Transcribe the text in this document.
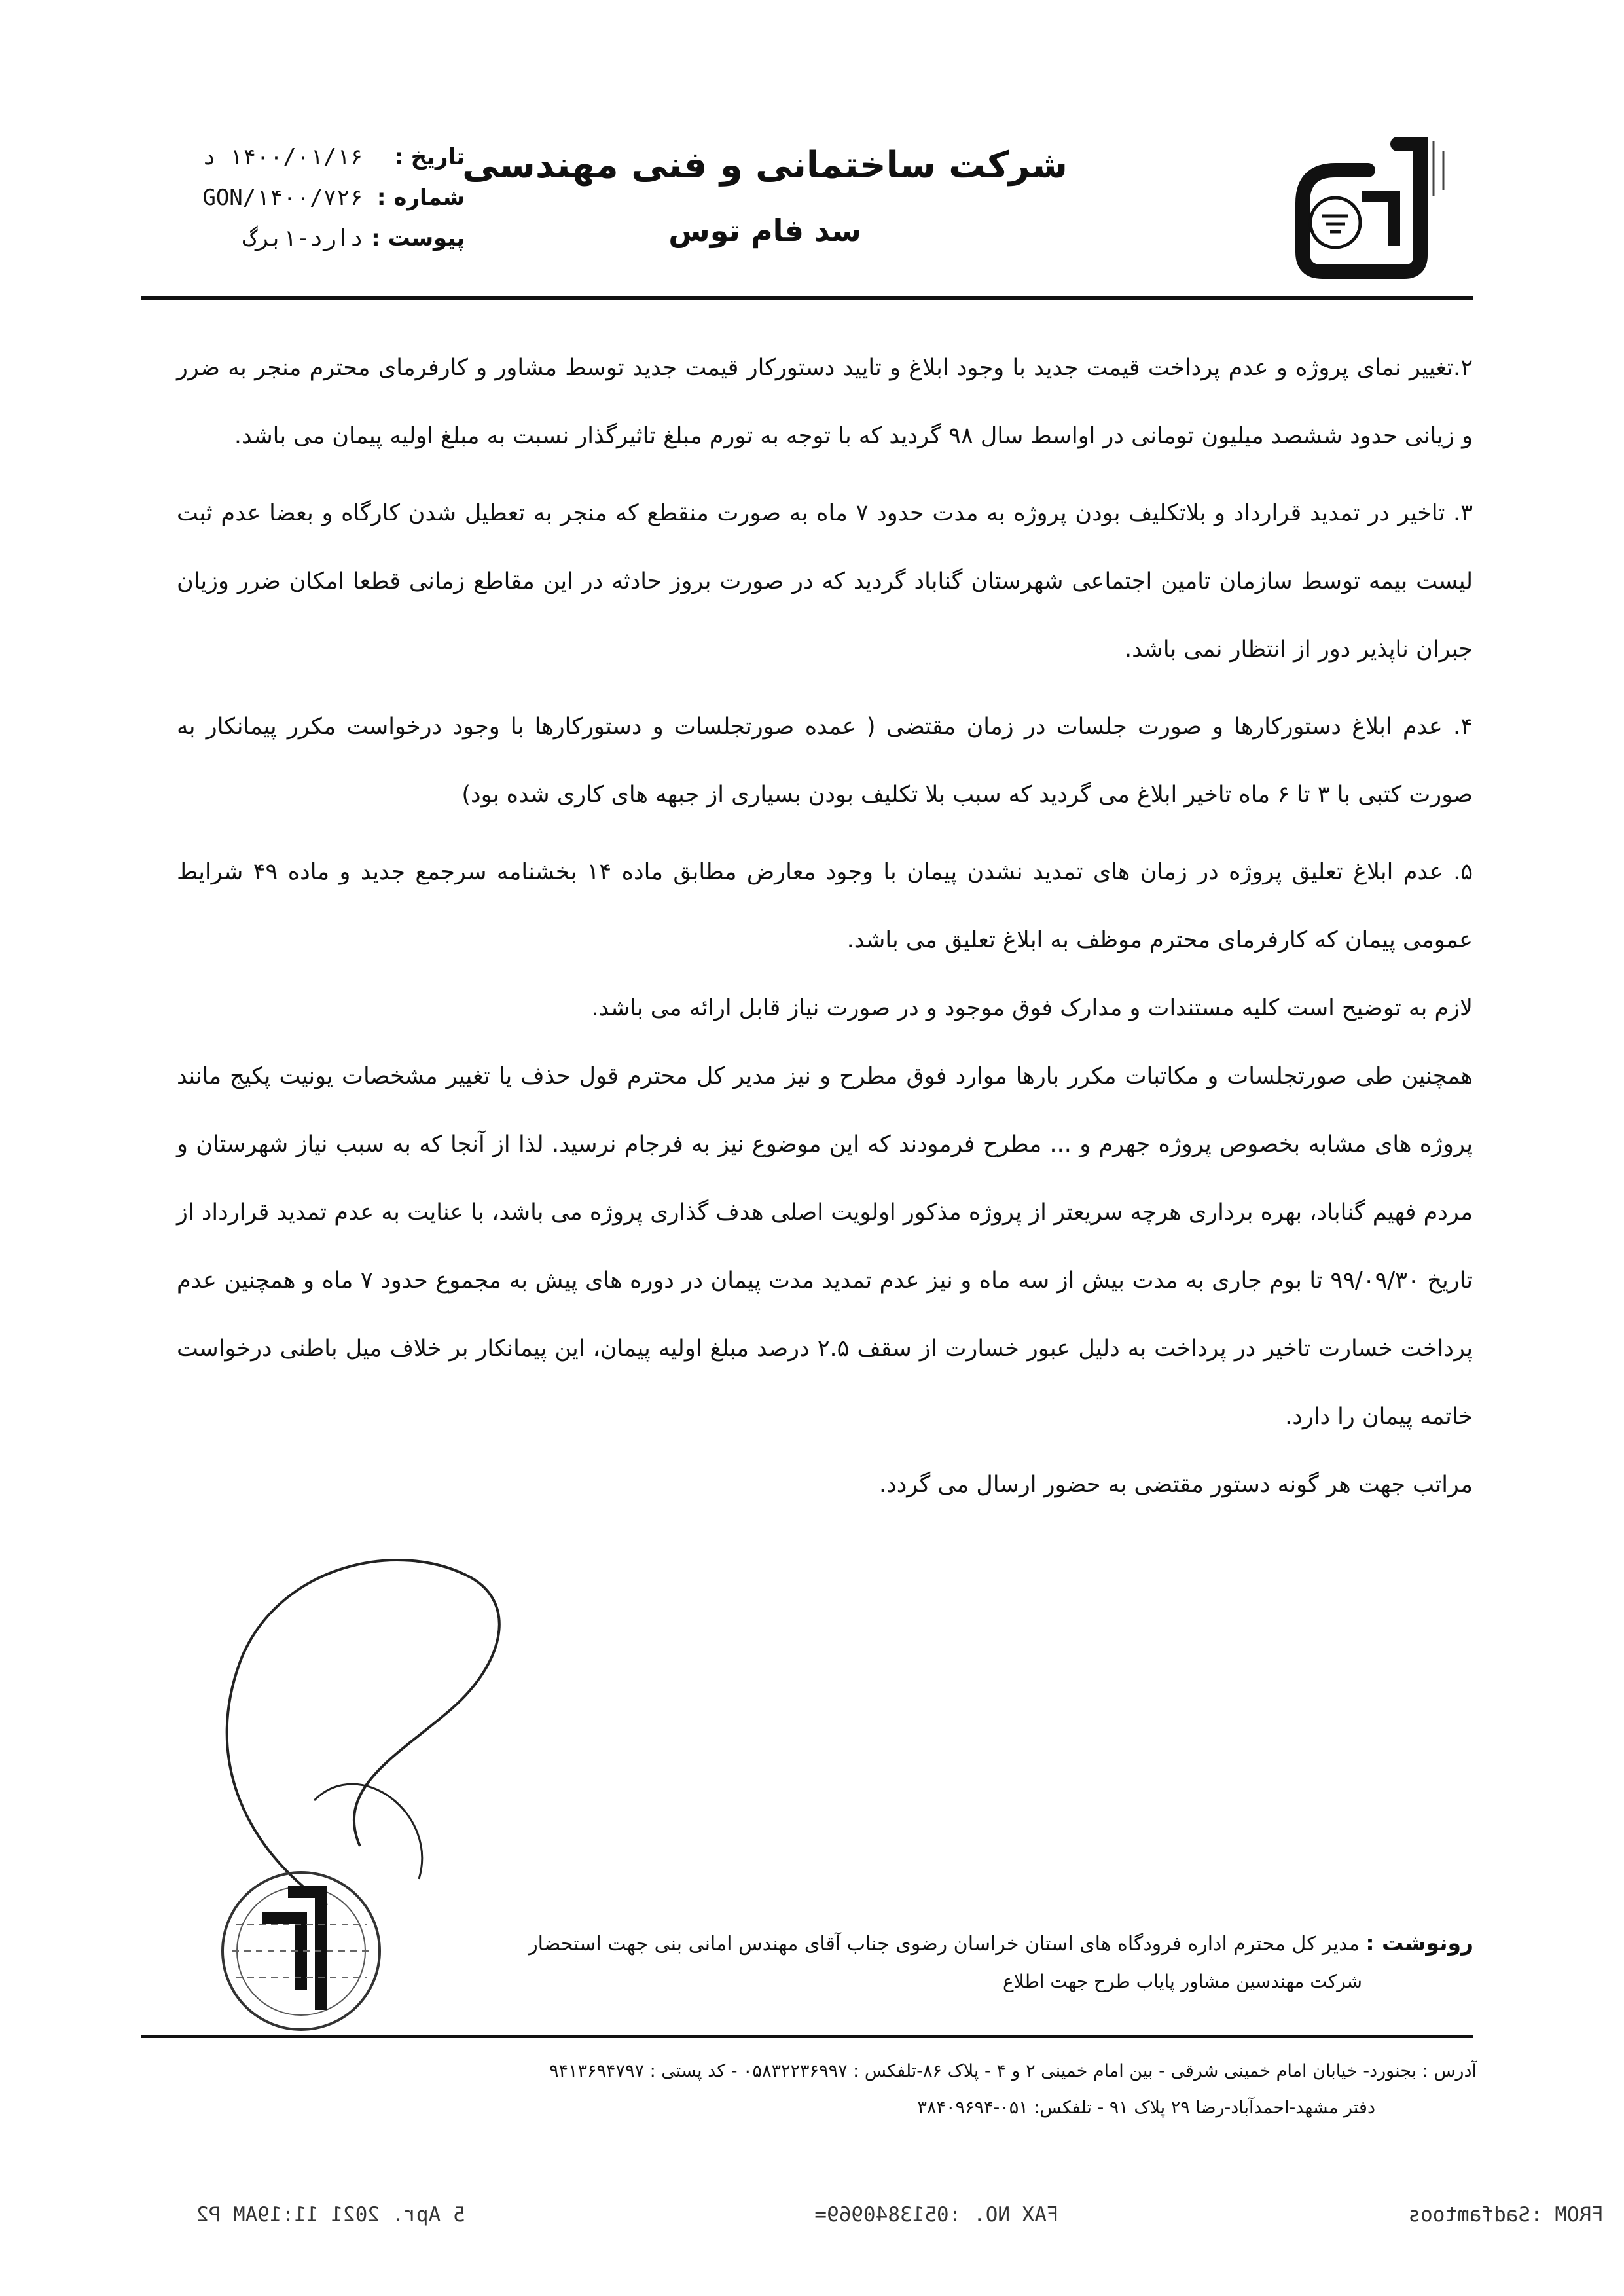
شرکت ساختمانی و فنی مهندسی
سد فام توس
تاریخ :
۱۴۰۰/۰۱/۱۶ د
شماره :
GON/۱۴۰۰/۷۲۶
پیوست :
دارد-۱برگ

۲.تغییر نمای پروژه و عدم پرداخت قیمت جدید با وجود ابلاغ و تایید دستورکار قیمت جدید توسط مشاور و کارفرمای محترم منجر به ضرر و زیانی حدود ششصد میلیون تومانی در اواسط سال ۹۸ گردید که با توجه به تورم مبلغ تاثیرگذار نسبت به مبلغ اولیه پیمان می باشد.

۳. تاخیر در تمدید قرارداد و بلاتکلیف بودن پروژه به مدت حدود ۷ ماه به صورت منقطع که منجر به تعطیل شدن کارگاه و بعضا عدم ثبت لیست بیمه توسط سازمان تامین اجتماعی شهرستان گناباد گردید که در صورت بروز حادثه در این مقاطع زمانی قطعا امکان ضرر وزیان جبران ناپذیر دور از انتظار نمی باشد.

۴. عدم ابلاغ دستورکارها و صورت جلسات در زمان مقتضی ( عمده صورتجلسات و دستورکارها با وجود درخواست مکرر پیمانکار به صورت کتبی با ۳ تا ۶ ماه تاخیر ابلاغ می گردید که سبب بلا تکلیف بودن بسیاری از جبهه های کاری شده بود)

۵. عدم ابلاغ تعلیق پروژه در زمان های تمدید نشدن پیمان با وجود معارض مطابق ماده ۱۴ بخشنامه سرجمع جدید و ماده ۴۹ شرایط عمومی پیمان که کارفرمای محترم موظف به ابلاغ تعلیق می باشد.

لازم به توضیح است کلیه مستندات و مدارک فوق موجود و در صورت نیاز قابل ارائه می باشد.

همچنین طی صورتجلسات و مکاتبات مکرر بارها موارد فوق مطرح و نیز مدیر کل محترم قول حذف یا تغییر مشخصات یونیت پکیج مانند پروژه های مشابه بخصوص پروژه جهرم و ... مطرح فرمودند که این موضوع نیز به فرجام نرسید. لذا از آنجا که به سبب نیاز شهرستان و مردم فهیم گناباد، بهره برداری هرچه سریعتر از پروژه مذکور اولویت اصلی هدف گذاری پروژه می باشد، با عنایت به عدم تمدید قرارداد از تاریخ ۹۹/۰۹/۳۰ تا بوم جاری به مدت بیش از سه ماه و نیز عدم تمدید مدت پیمان در دوره های پیش به مجموع حدود ۷ ماه و همچنین عدم پرداخت خسارت تاخیر در پرداخت به دلیل عبور خسارت از سقف ۲.۵ درصد مبلغ اولیه پیمان، این پیمانکار بر خلاف میل باطنی درخواست خاتمه پیمان را دارد.

مراتب جهت هر گونه دستور مقتضی به حضور ارسال می گردد.

رونوشت : مدیر کل محترم اداره فرودگاه های استان خراسان رضوی جناب آقای مهندس امانی بنی جهت استحضار
شرکت مهندسین مشاور پایاب طرح جهت اطلاع
آدرس : بجنورد- خیابان امام خمینی شرقی - بین امام خمینی ۲ و ۴ - پلاک ۸۶-تلفکس : ۰۵۸۳۲۲۳۶۹۹۷ - کد پستی : ۹۴۱۳۶۹۴۷۹۷
دفتر مشهد-احمدآباد-رضا ۲۹ پلاک ۹۱ - تلفکس: ۰۵۱-۳۸۴۰۹۶۹۴
FROM :Sadfamtoos
FAX NO. :0513840969=
5 Apr. 2021 11:19AM P2
